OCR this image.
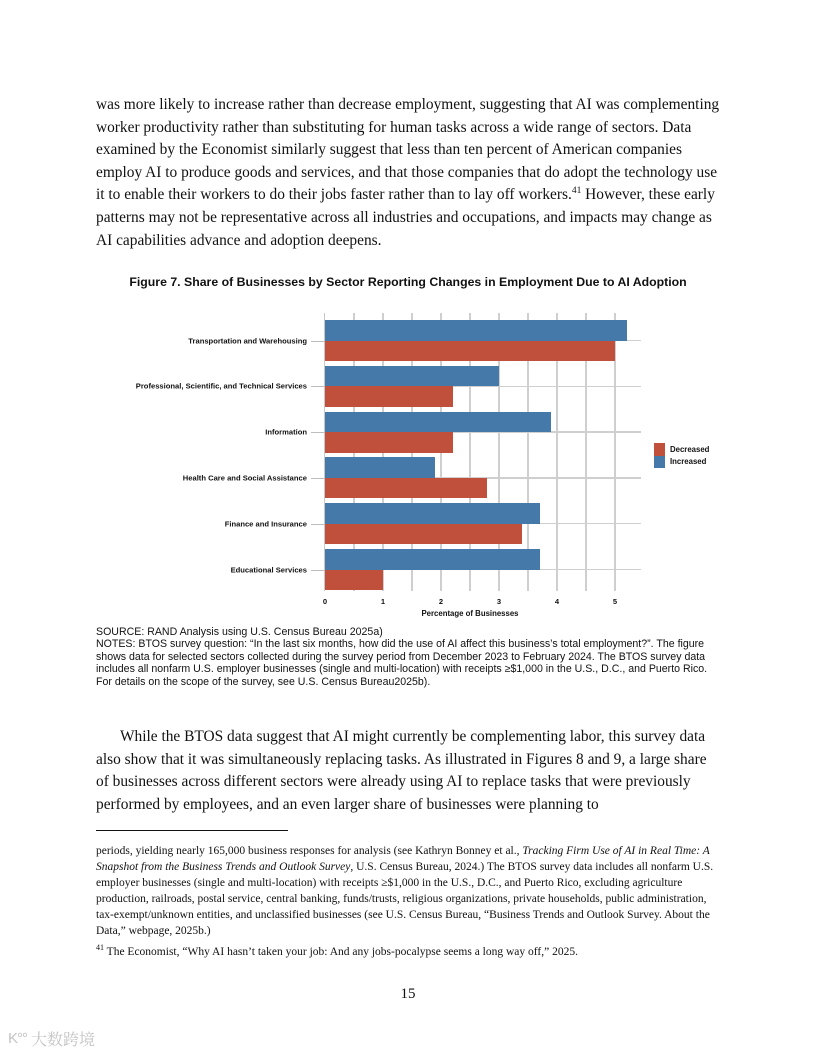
was more likely to increase rather than decrease employment, suggesting that AI was complementing worker productivity rather than substituting for human tasks across a wide range of sectors. Data examined by the Economist similarly suggest that less than ten percent of American companies employ AI to produce goods and services, and that those companies that do adopt the technology use it to enable their workers to do their jobs faster rather than to lay off workers.$^{41}$ However, these early patterns may not be representative across all industries and occupations, and impacts may change as AI capabilities advance and adoption deepens.

Figure 7. Share of Businesses by Sector Reporting Changes in Employment Due to AI Adoption
Transportation and Warehousing
Professional, Scientific, and Technical Services
Information
Health Care and Social Assistance
Finance and Insurance
Educational Services
0	1	2	3	4	5
Percentage of Businesses
Decreased
Increased

SOURCE: RAND Analysis using U.S. Census Bureau 2025a)

NOTES: BTOS survey question: “In the last six months, how did the use of AI affect this business’s total employment?”. The figure shows data for selected sectors collected during the survey period from December 2023 to February 2024. The BTOS survey data includes all nonfarm U.S. employer businesses (single and multi-location) with receipts ≥$1,000 in the U.S., D.C., and Puerto Rico. For details on the scope of the survey, see U.S. Census Bureau2025b).

While the BTOS data suggest that AI might currently be complementing labor, this survey data also show that it was simultaneously replacing tasks. As illustrated in Figures 8 and 9, a large share of businesses across different sectors were already using AI to replace tasks that were previously performed by employees, and an even larger share of businesses were planning to

periods, yielding nearly 165,000 business responses for analysis (see Kathryn Bonney et al., Tracking Firm Use of AI in Real Time: A Snapshot from the Business Trends and Outlook Survey, U.S. Census Bureau, 2024.) The BTOS survey data includes all nonfarm U.S. employer businesses (single and multi-location) with receipts ≥$1,000 in the U.S., D.C., and Puerto Rico, excluding agriculture production, railroads, postal service, central banking, funds/trusts, religious organizations, private households, public administration, tax-exempt/unknown entities, and unclassified businesses (see U.S. Census Bureau, “Business Trends and Outlook Survey. About the Data,” webpage, 2025b.)

$^{41}$ The Economist, “Why AI hasn’t taken your job: And any jobs-pocalypse seems a long way off,” 2025.

15
K°° 大数跨境
